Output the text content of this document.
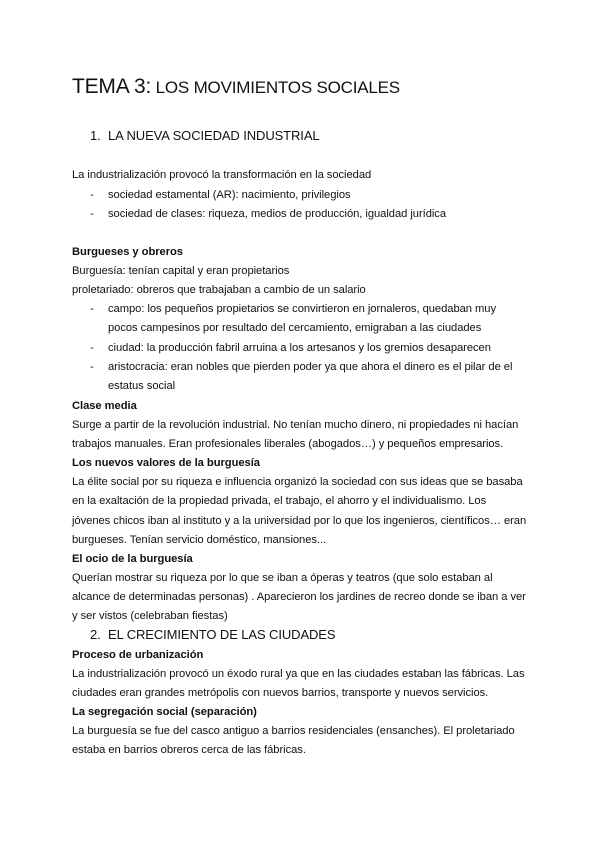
TEMA 3: LOS MOVIMIENTOS SOCIALES
1. LA NUEVA SOCIEDAD INDUSTRIAL
La industrialización provocó la transformación en la sociedad
- sociedad estamental (AR): nacimiento, privilegios
- sociedad de clases: riqueza, medios de producción, igualdad jurídica
Burgueses y obreros
Burguesía: tenían capital y eran propietarios
proletariado: obreros que trabajaban a cambio de un salario
- campo: los pequeños propietarios se convirtieron en jornaleros, quedaban muy
pocos campesinos por resultado del cercamiento, emigraban a las ciudades
- ciudad: la producción fabril arruina a los artesanos y los gremios desaparecen
- aristocracia: eran nobles que pierden poder ya que ahora el dinero es el pilar de el
estatus social
Clase media
Surge a partir de la revolución industrial. No tenían mucho dinero, ni propiedades ni hacían
trabajos manuales. Eran profesionales liberales (abogados…) y pequeños empresarios.
Los nuevos valores de la burguesía
La élite social por su riqueza e influencia organizó la sociedad con sus ideas que se basaba
en la exaltación de la propiedad privada, el trabajo, el ahorro y el individualismo. Los
jóvenes chicos iban al instituto y a la universidad por lo que los ingenieros, científicos… eran
burgueses. Tenían servicio doméstico, mansiones...
El ocio de la burguesía
Querían mostrar su riqueza por lo que se iban a óperas y teatros (que solo estaban al
alcance de determinadas personas) . Aparecieron los jardines de recreo donde se iban a ver
y ser vistos (celebraban fiestas)
2. EL CRECIMIENTO DE LAS CIUDADES
Proceso de urbanización
La industrialización provocó un éxodo rural ya que en las ciudades estaban las fábricas. Las
ciudades eran grandes metrópolis con nuevos barrios, transporte y nuevos servicios.
La segregación social (separación)
La burguesía se fue del casco antiguo a barrios residenciales (ensanches). El proletariado
estaba en barrios obreros cerca de las fábricas.
